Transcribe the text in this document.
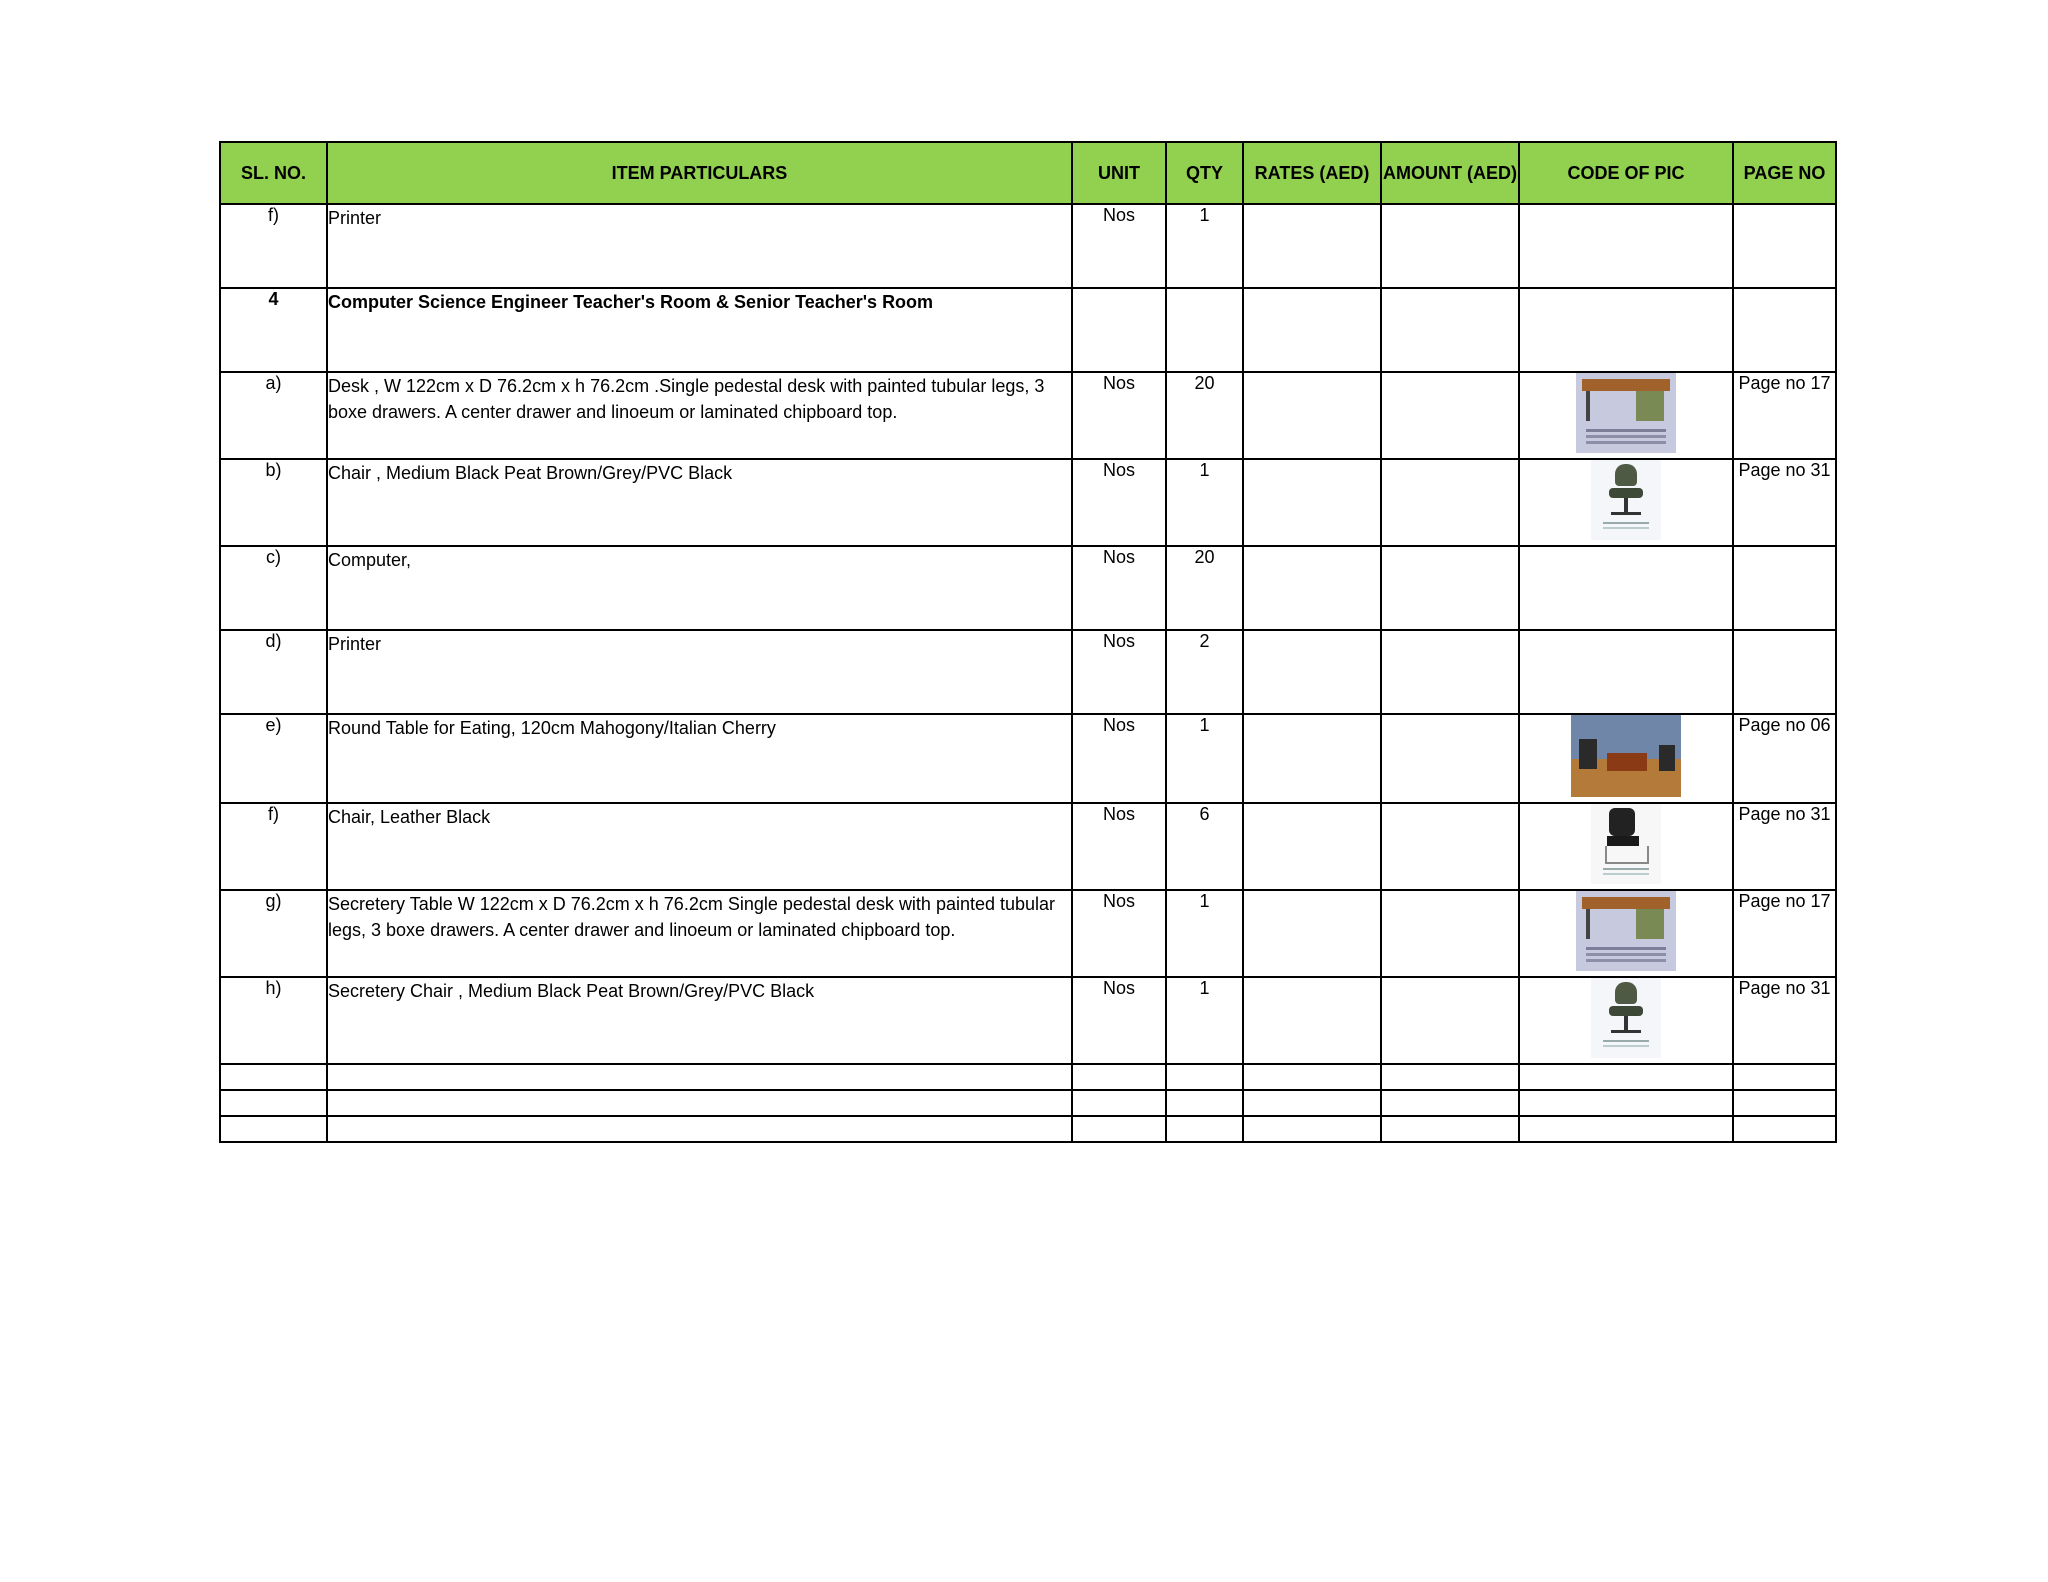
SL. NO.	ITEM PARTICULARS	UNIT	QTY	RATES (AED)	AMOUNT (AED)	CODE OF PIC	PAGE NO
f)	Printer	Nos	1				
4	Computer Science Engineer Teacher's Room & Senior Teacher's Room						
a)	Desk , W 122cm x D 76.2cm x h 76.2cm .Single pedestal desk with painted tubular legs, 3 boxe drawers. A center drawer and linoeum or laminated chipboard top.	Nos	20				Page no 17
b)	Chair , Medium Black Peat Brown/Grey/PVC Black	Nos	1				Page no 31
c)	Computer,	Nos	20				
d)	Printer	Nos	2				
e)	Round Table for Eating, 120cm Mahogony/Italian Cherry	Nos	1				Page no 06
f)	Chair, Leather Black	Nos	6				Page no 31
g)	Secretery Table W 122cm x D 76.2cm x h 76.2cm Single pedestal desk with painted tubular legs, 3 boxe drawers. A center drawer and linoeum or laminated chipboard top.	Nos	1				Page no 17
h)	Secretery Chair , Medium Black Peat Brown/Grey/PVC Black	Nos	1				Page no 31
